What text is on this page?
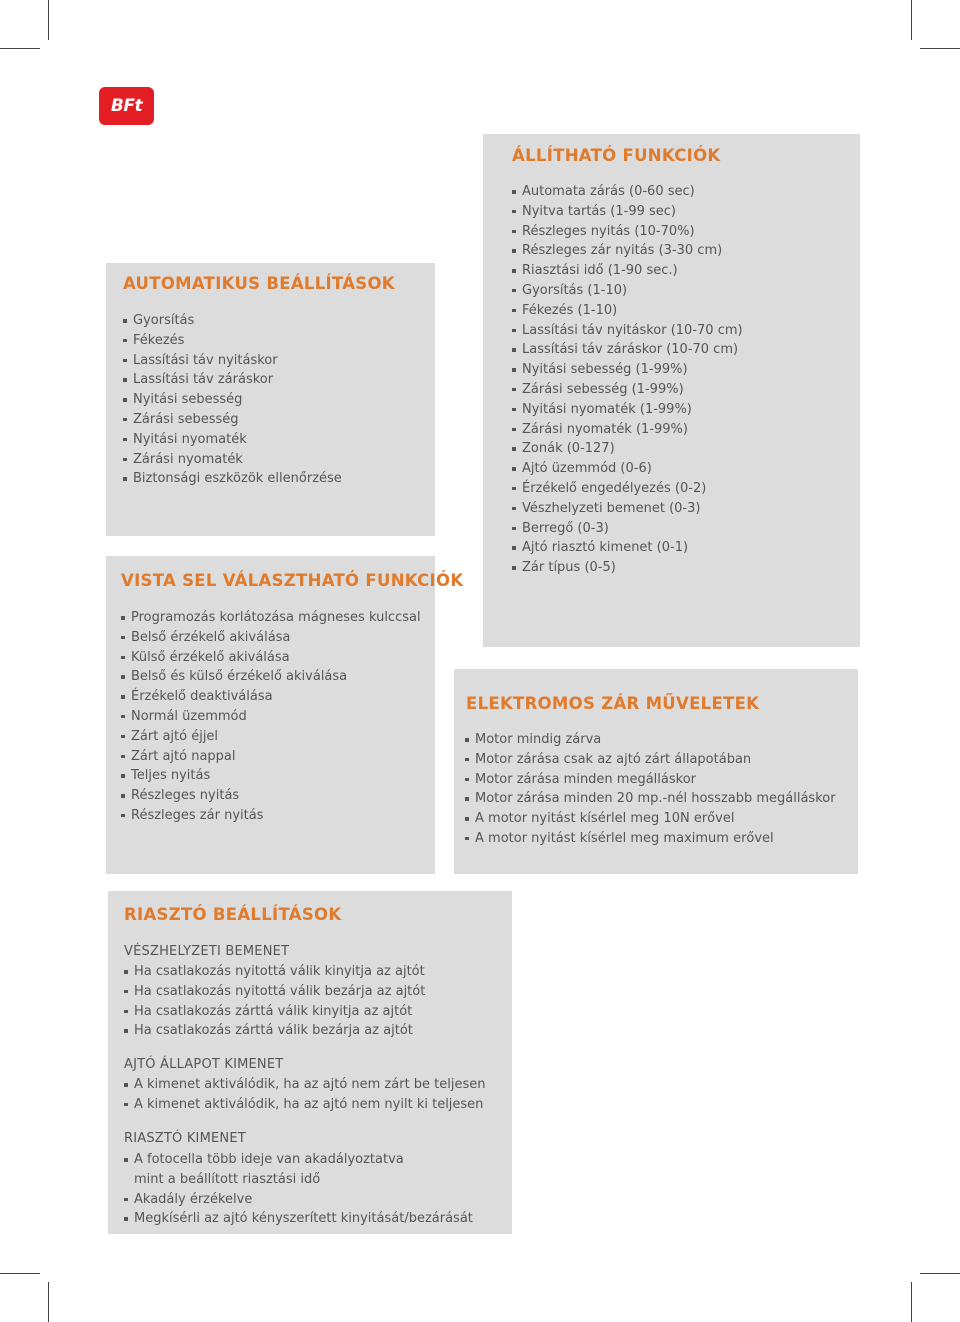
BFt
ÁLLÍTHATÓ FUNKCIÓK
Automata zárás (0-60 sec)
Nyitva tartás (1-99 sec)
Részleges nyitás (10-70%)
Részleges zár nyitás (3-30 cm)
Riasztási idő (1-90 sec.)
Gyorsítás (1-10)
Fékezés (1-10)
Lassítási táv nyitáskor (10-70 cm)
Lassítási táv záráskor (10-70 cm)
Nyitási sebesség (1-99%)
Zárási sebesség (1-99%)
Nyitási nyomaték (1-99%)
Zárási nyomaték (1-99%)
Zonák (0-127)
Ajtó üzemmód (0-6)
Érzékelő engedélyezés (0-2)
Vészhelyzeti bemenet (0-3)
Berregő (0-3)
Ajtó riasztó kimenet (0-1)
Zár típus (0-5)
AUTOMATIKUS BEÁLLÍTÁSOK
Gyorsítás
Fékezés
Lassítási táv nyitáskor
Lassítási táv záráskor
Nyitási sebesség
Zárási sebesség
Nyitási nyomaték
Zárási nyomaték
Biztonsági eszközök ellenőrzése
VISTA SEL VÁLASZTHATÓ FUNKCIÓK
Programozás korlátozása mágneses kulccsal
Belső érzékelő akiválása
Külső érzékelő akiválása
Belső és külső érzékelő akiválása
Érzékelő deaktiválása
Normál üzemmód
Zárt ajtó éjjel
Zárt ajtó nappal
Teljes nyitás
Részleges nyitás
Részleges zár nyitás
ELEKTROMOS ZÁR MŰVELETEK
Motor mindig zárva
Motor zárása csak az ajtó zárt állapotában
Motor zárása minden megálláskor
Motor zárása minden 20 mp.-nél hosszabb megálláskor
A motor nyitást kísérlel meg 10N erővel
A motor nyitást kísérlel meg maximum erővel
RIASZTÓ BEÁLLÍTÁSOK
VÉSZHELYZETI BEMENET
Ha csatlakozás nyitottá válik kinyitja az ajtót
Ha csatlakozás nyitottá válik bezárja az ajtót
Ha csatlakozás zárttá válik kinyitja az ajtót
Ha csatlakozás zárttá válik bezárja az ajtót
AJTÓ ÁLLAPOT KIMENET
A kimenet aktiválódik, ha az ajtó nem zárt be teljesen
A kimenet aktiválódik, ha az ajtó nem nyilt ki teljesen
RIASZTÓ KIMENET
A fotocella több ideje van akadályoztatva mint a beállított riasztási idő
Akadály érzékelve
Megkísérli az ajtó kényszerített kinyitását/bezárását
